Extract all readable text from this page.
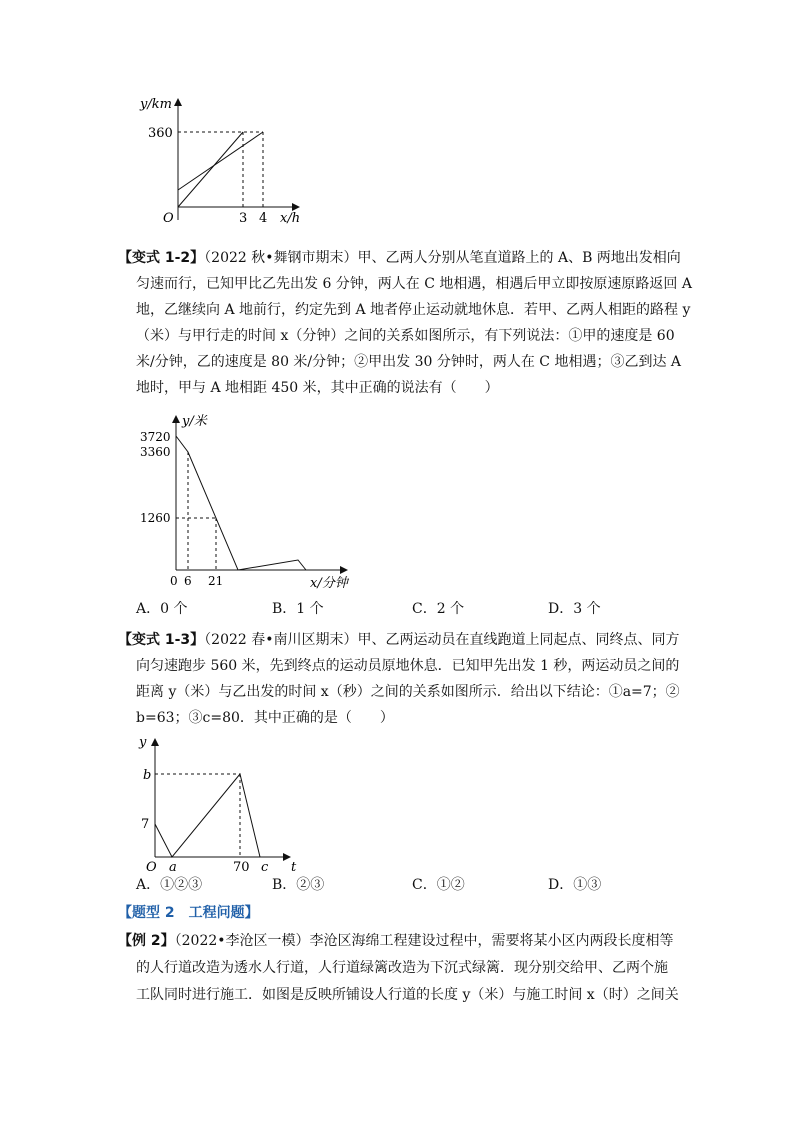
y/km
360
O	3 4 x/h
【变式 1-2】（2022 秋•舞钢市期末）甲、乙两人分别从笔直道路上的 A、B 两地出发相向
匀速而行，已知甲比乙先出发 6 分钟，两人在 C 地相遇，相遇后甲立即按原速原路返回 A
地，乙继续向 A 地前行，约定先到 A 地者停止运动就地休息．若甲、乙两人相距的路程 y
（米）与甲行走的时间 x（分钟）之间的关系如图所示，有下列说法：①甲的速度是 60
米/分钟，乙的速度是 80 米/分钟；②甲出发 30 分钟时，两人在 C 地相遇；③乙到达 A
地时，甲与 A 地相距 450 米，其中正确的说法有（　　）
y/米
3720
3360
1260
0 6 21	x/分钟
A．0 个	B．1 个	C．2 个	D．3 个
【变式 1-3】（2022 春•南川区期末）甲、乙两运动员在直线跑道上同起点、同终点、同方
向匀速跑步 560 米，先到终点的运动员原地休息．已知甲先出发 1 秒，两运动员之间的
距离 y（米）与乙出发的时间 x（秒）之间的关系如图所示．给出以下结论：①a=7；②
b=63；③c=80．其中正确的是（　　）
y
b
7
O a	70 c t
A．①②③	B．②③	C．①②	D．①③
【题型 2　工程问题】
【例 2】（2022•李沧区一模）李沧区海绵工程建设过程中，需要将某小区内两段长度相等
的人行道改造为透水人行道，人行道绿篱改造为下沉式绿篱．现分别交给甲、乙两个施
工队同时进行施工．如图是反映所铺设人行道的长度 y（米）与施工时间 x（时）之间关
